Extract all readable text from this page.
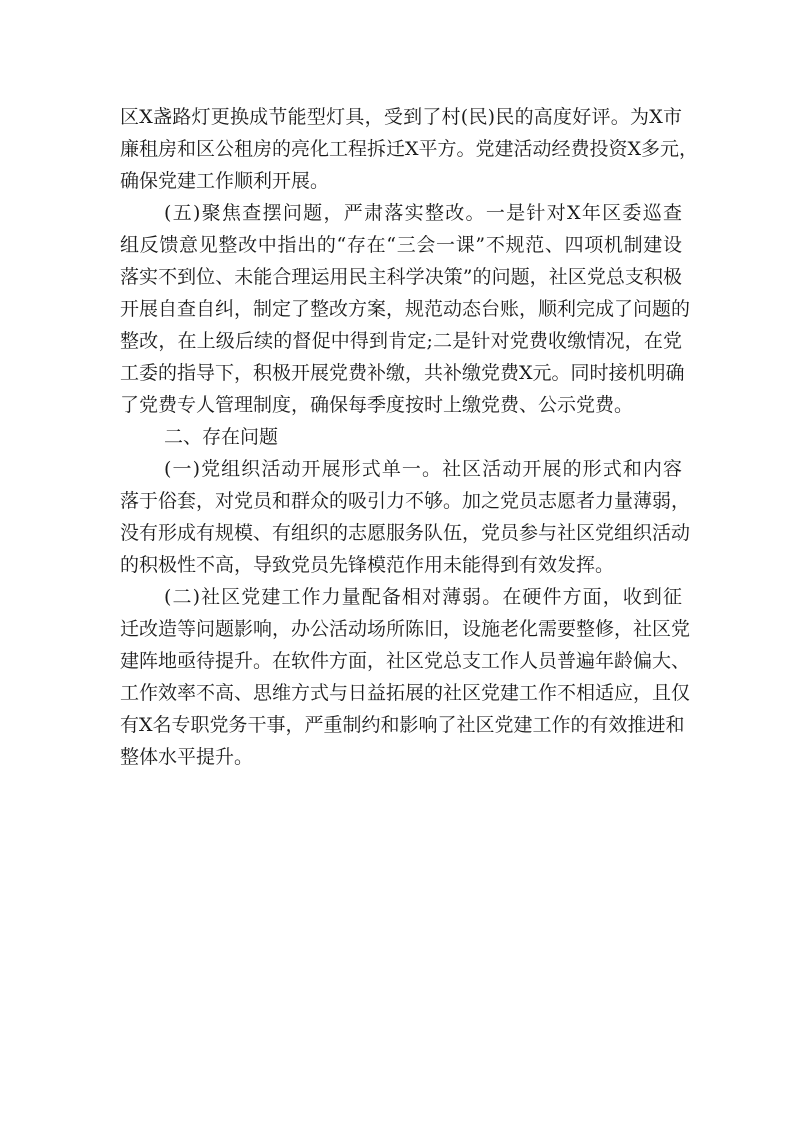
区X盏路灯更换成节能型灯具，受到了村(民)民的高度好评。为X市
廉租房和区公租房的亮化工程拆迁X平方。党建活动经费投资X多元，
确保党建工作顺利开展。

(五)聚焦查摆问题，严肃落实整改。一是针对X年区委巡查
组反馈意见整改中指出的“存在“三会一课”不规范、四项机制建设
落实不到位、未能合理运用民主科学决策”的问题，社区党总支积极
开展自查自纠，制定了整改方案，规范动态台账，顺利完成了问题的
整改，在上级后续的督促中得到肯定;二是针对党费收缴情况，在党
工委的指导下，积极开展党费补缴，共补缴党费X元。同时接机明确
了党费专人管理制度，确保每季度按时上缴党费、公示党费。

二、存在问题

(一)党组织活动开展形式单一。社区活动开展的形式和内容
落于俗套，对党员和群众的吸引力不够。加之党员志愿者力量薄弱，
没有形成有规模、有组织的志愿服务队伍，党员参与社区党组织活动
的积极性不高，导致党员先锋模范作用未能得到有效发挥。

(二)社区党建工作力量配备相对薄弱。在硬件方面，收到征
迁改造等问题影响，办公活动场所陈旧，设施老化需要整修，社区党
建阵地亟待提升。在软件方面，社区党总支工作人员普遍年龄偏大、
工作效率不高、思维方式与日益拓展的社区党建工作不相适应，且仅
有X名专职党务干事，严重制约和影响了社区党建工作的有效推进和
整体水平提升。
